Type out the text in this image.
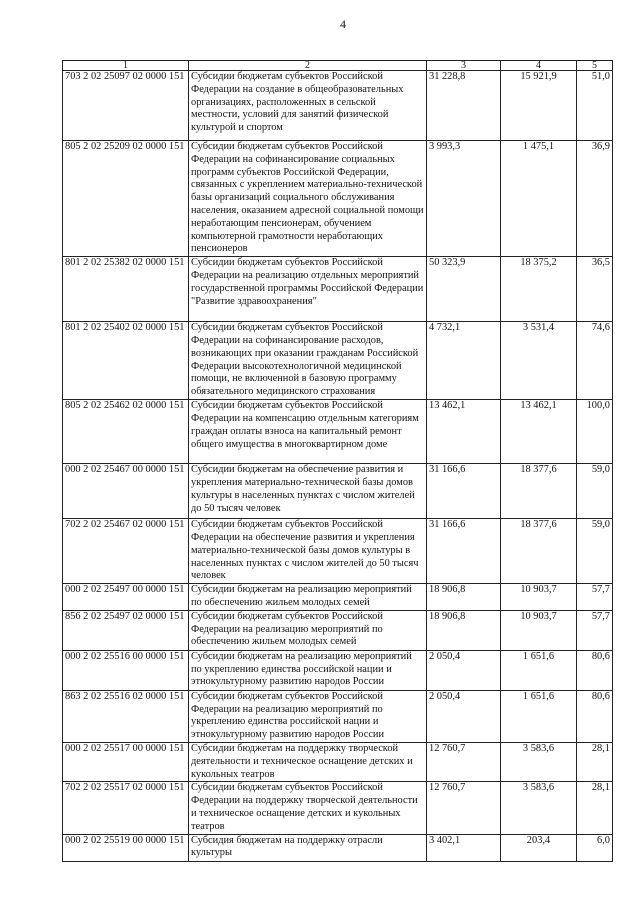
4
1	2	3	4	5
703 2 02 25097 02 0000 151	Субсидии бюджетам субъектов Российской Федерации на создание в общеобразовательных организациях, расположенных в сельской местности, условий для занятий физической культурой и спортом	31 228,8	15 921,9	51,0
805 2 02 25209 02 0000 151	Субсидии бюджетам субъектов Российской Федерации на софинансирование социальных программ субъектов Российской Федерации, связанных с укреплением материально-технической базы организаций социального обслуживания населения, оказанием адресной социальной помощи неработающим пенсионерам, обучением компьютерной грамотности неработающих пенсионеров	3 993,3	1 475,1	36,9
801 2 02 25382 02 0000 151	Субсидии бюджетам субъектов Российской Федерации на реализацию отдельных мероприятий государственной программы Российской Федерации "Развитие здравоохранения"	50 323,9	18 375,2	36,5
801 2 02 25402 02 0000 151	Субсидии бюджетам субъектов Российской Федерации на софинансирование расходов, возникающих при оказании гражданам Российской Федерации высокотехнологичной медицинской помощи, не включенной в базовую программу обязательного медицинского страхования	4 732,1	3 531,4	74,6
805 2 02 25462 02 0000 151	Субсидии бюджетам субъектов Российской Федерации на компенсацию отдельным категориям граждан оплаты взноса на капитальный ремонт общего имущества в многоквартирном доме	13 462,1	13 462,1	100,0
000 2 02 25467 00 0000 151	Субсидии бюджетам на обеспечение развития и укрепления материально-технической базы домов культуры в населенных пунктах с числом жителей до 50 тысяч человек	31 166,6	18 377,6	59,0
702 2 02 25467 02 0000 151	Субсидии бюджетам субъектов Российской Федерации на обеспечение развития и укрепления материально-технической базы домов культуры в населенных пунктах с числом жителей до 50 тысяч человек	31 166,6	18 377,6	59,0
000 2 02 25497 00 0000 151	Субсидии бюджетам на реализацию мероприятий по обеспечению жильем молодых семей	18 906,8	10 903,7	57,7
856 2 02 25497 02 0000 151	Субсидии бюджетам субъектов Российской Федерации на реализацию мероприятий по обеспечению жильем молодых семей	18 906,8	10 903,7	57,7
000 2 02 25516 00 0000 151	Субсидии бюджетам на реализацию мероприятий по укреплению единства российской нации и этнокультурному развитию народов России	2 050,4	1 651,6	80,6
863 2 02 25516 02 0000 151	Субсидии бюджетам субъектов Российской Федерации на реализацию мероприятий по укреплению единства российской нации и этнокультурному развитию народов России	2 050,4	1 651,6	80,6
000 2 02 25517 00 0000 151	Субсидии бюджетам на поддержку творческой деятельности и техническое оснащение детских и кукольных театров	12 760,7	3 583,6	28,1
702 2 02 25517 02 0000 151	Субсидии бюджетам субъектов Российской Федерации на поддержку творческой деятельности и техническое оснащение детских и кукольных театров	12 760,7	3 583,6	28,1
000 2 02 25519 00 0000 151	Субсидия бюджетам на поддержку отрасли культуры	3 402,1	203,4	6,0
